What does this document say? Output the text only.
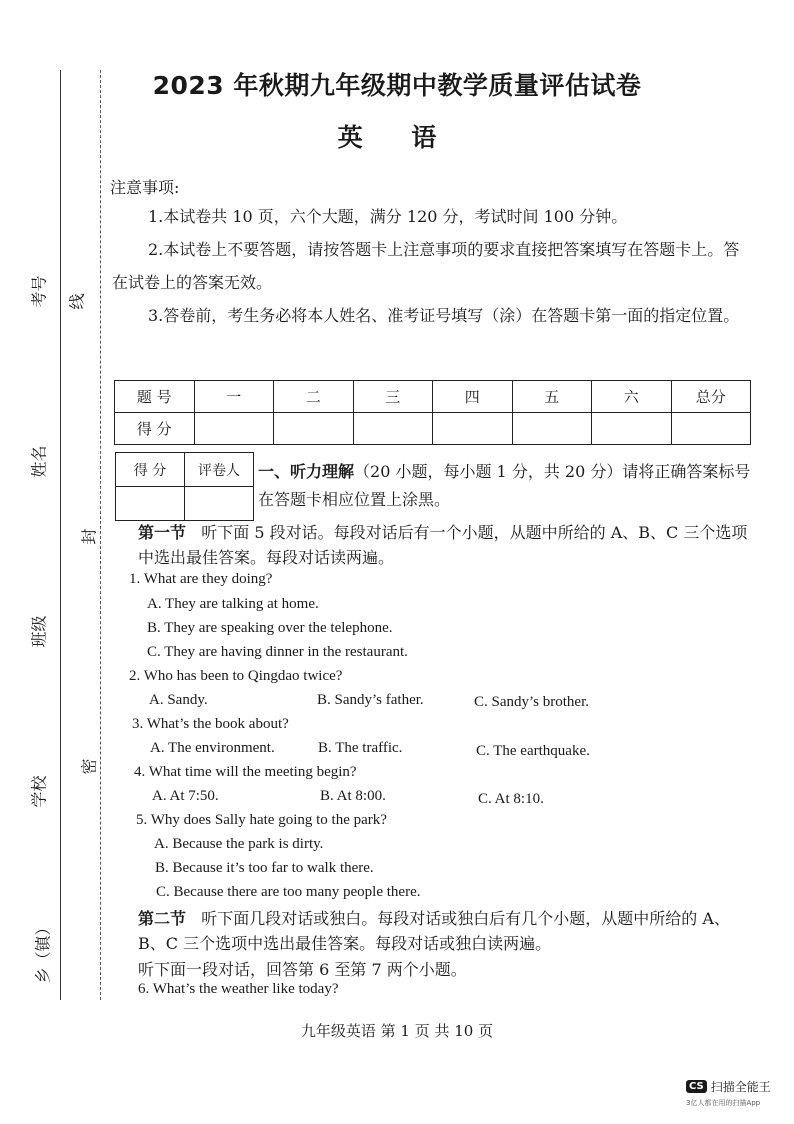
考号
姓名
班级
学校
乡（镇）
线
封
密
2023 年秋期九年级期中教学质量评估试卷
英 语
注意事项:

1.本试卷共 10 页，六个大题，满分 120 分，考试时间 100 分钟。

2.本试卷上不要答题，请按答题卡上注意事项的要求直接把答案填写在答题卡上。答在试卷上的答案无效。

3.答卷前，考生务必将本人姓名、准考证号填写（涂）在答题卡第一面的指定位置。

题 号	一	二	三	四	五	六	总分
得 分							
得 分	评卷人
	一、听力理解（20 小题，每小题 1 分，共 20 分）请将正确答案标号在答题卡相应位置上涂黑。
第一节 听下面 5 段对话。每段对话后有一个小题，从题中所给的 A、B、C 三个选项中选出最佳答案。每段对话读两遍。
1. What are they doing?
A. They are talking at home.
B. They are speaking over the telephone.
C. They are having dinner in the restaurant.
2. Who has been to Qingdao twice?
A. Sandy.	B. Sandy’s father.	C. Sandy’s brother.
3. What’s the book about?
A. The environment.	B. The traffic.	C. The earthquake.
4. What time will the meeting begin?
A. At 7:50.	B. At 8:00.	C. At 8:10.
5. Why does Sally hate going to the park?
A. Because the park is dirty.
B. Because it’s too far to walk there.
C. Because there are too many people there.
第二节 听下面几段对话或独白。每段对话或独白后有几个小题，从题中所给的 A、B、C 三个选项中选出最佳答案。每段对话或独白读两遍。
听下面一段对话，回答第 6 至第 7 两个小题。
6. What’s the weather like today?
九年级英语 第 1 页 共 10 页
CS 扫描全能王
3亿人都在用的扫描App
